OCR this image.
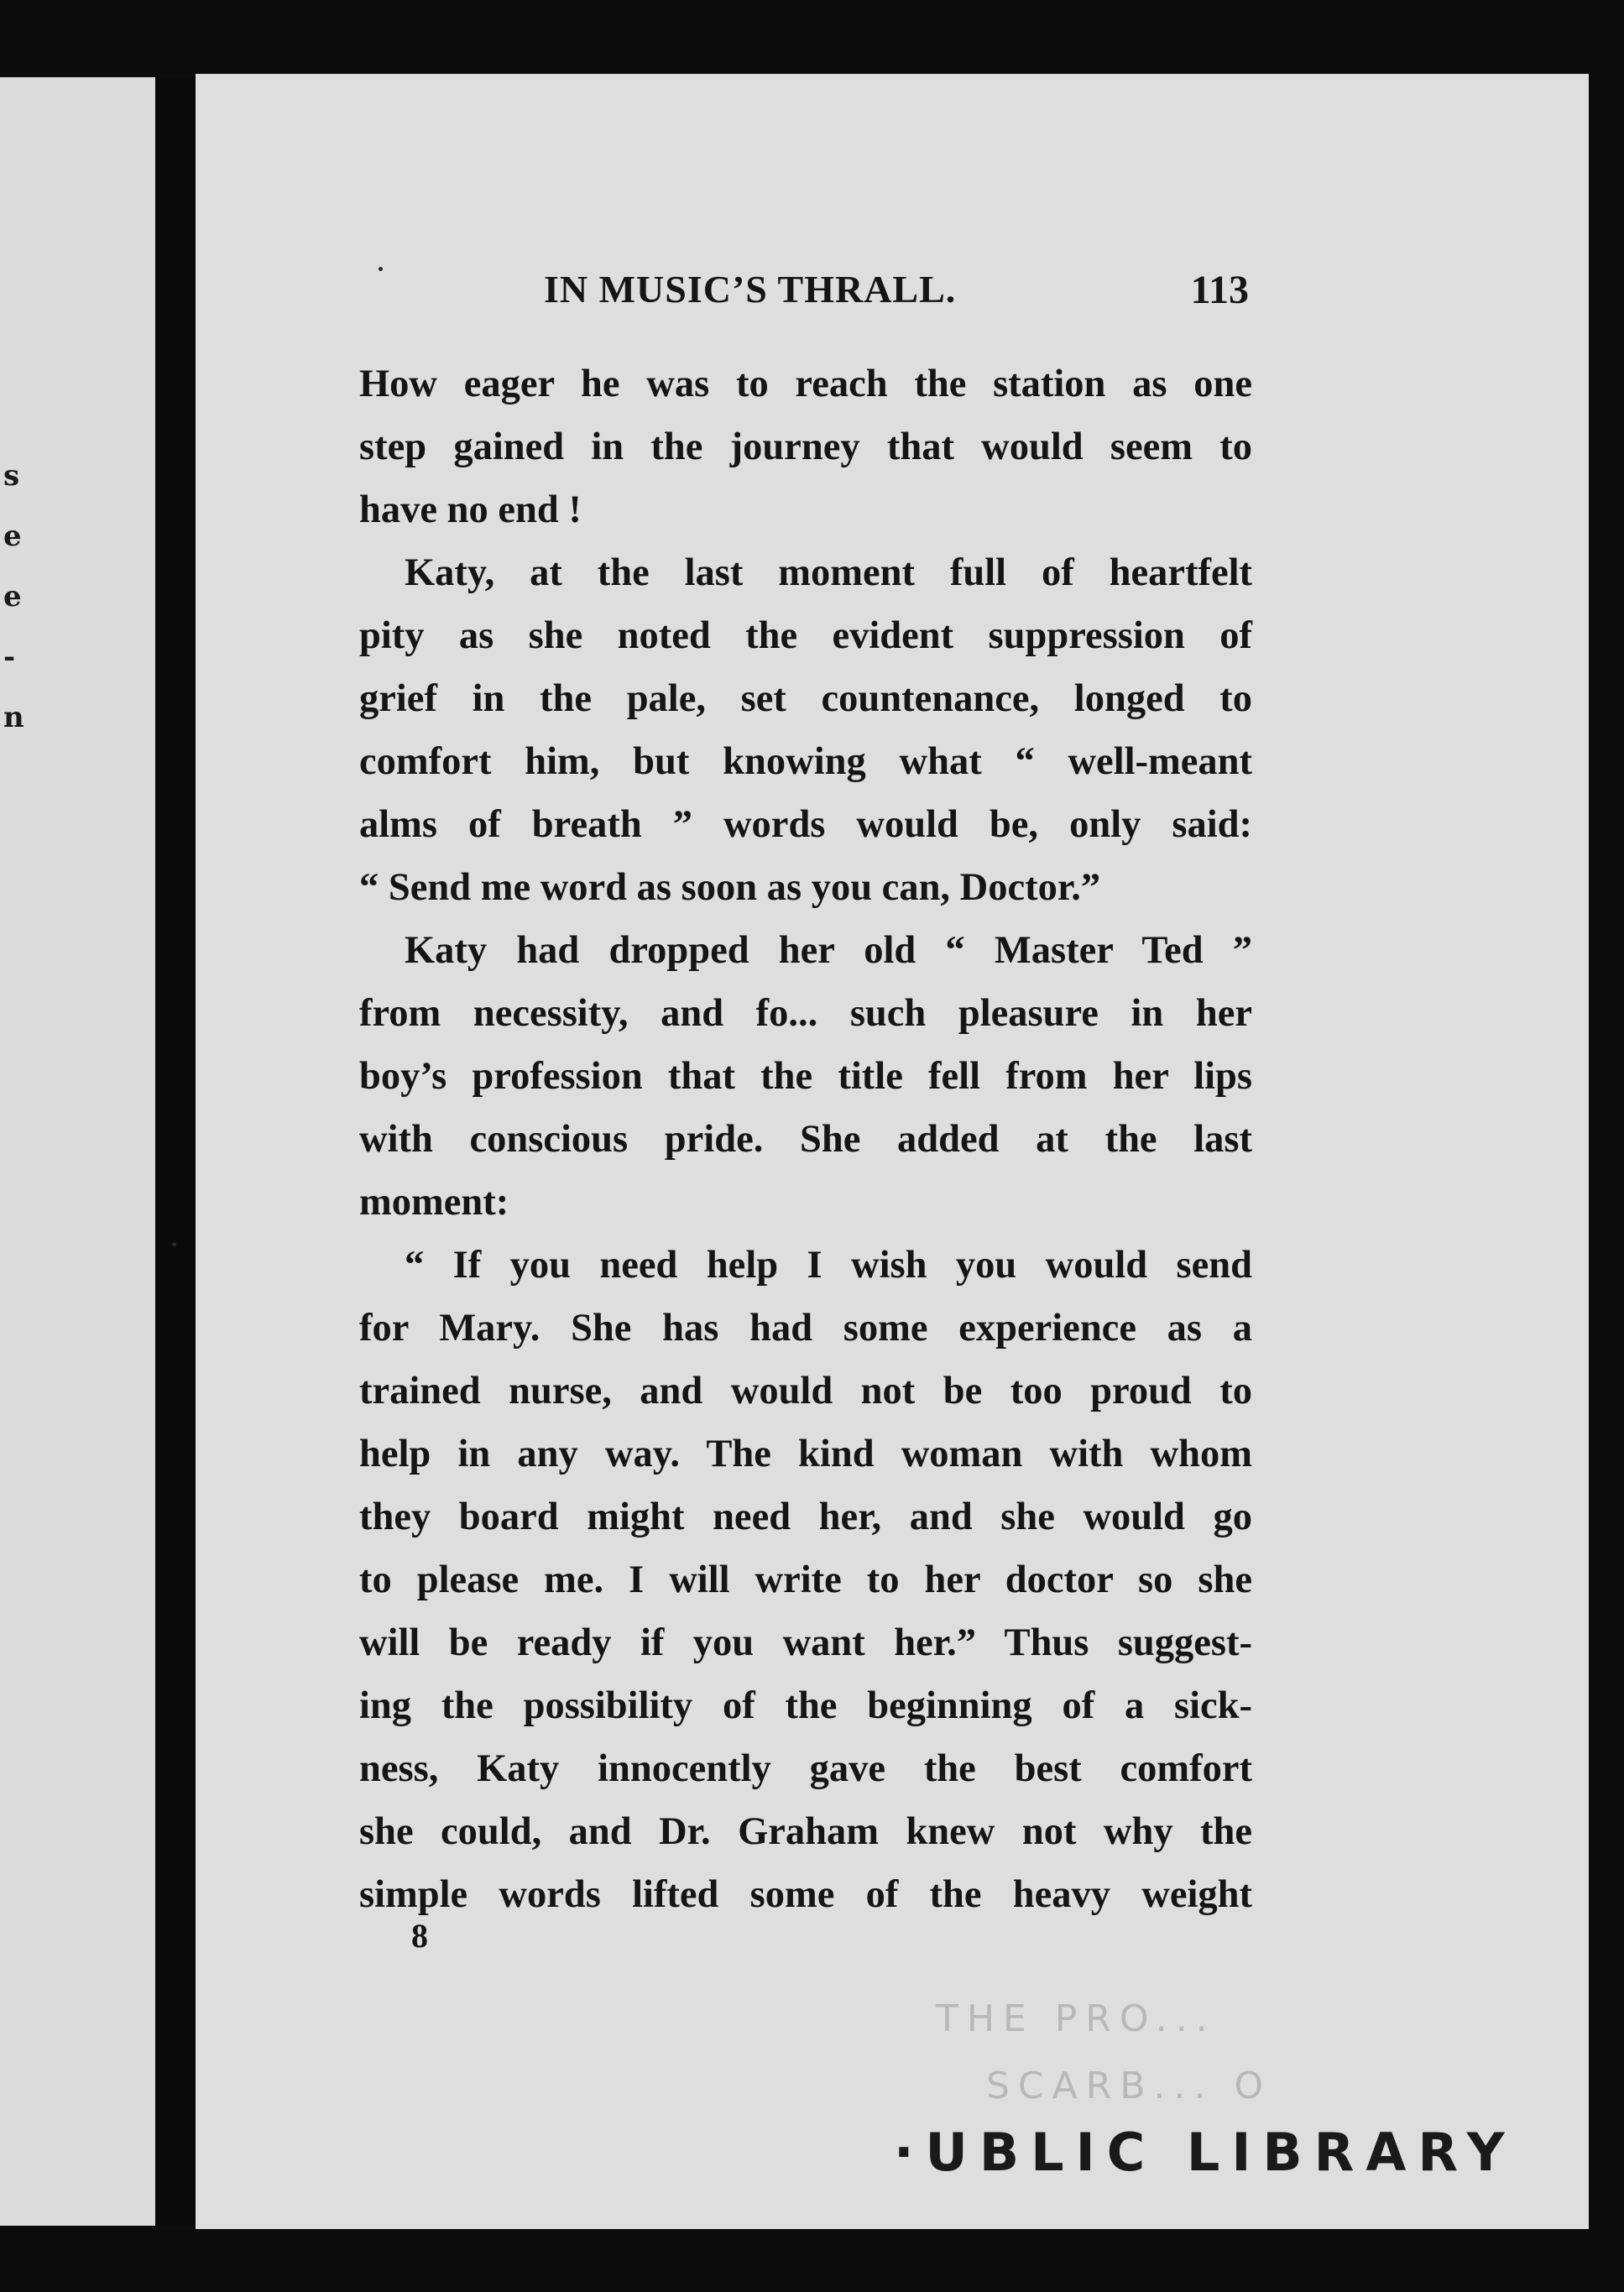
s
e
e
-
n
IN MUSIC’S THRALL.	113
How eager he was to reach the station as one
step gained in the journey that would seem to
have no end !
Katy, at the last moment full of heartfelt
pity as she noted the evident suppression of
grief in the pale, set countenance, longed to
comfort him, but knowing what “ well-meant
alms of breath ” words would be, only said:
“ Send me word as soon as you can, Doctor.”
Katy had dropped her old “ Master Ted ”
from necessity, and fo... such pleasure in her
boy’s profession that the title fell from her lips
with conscious pride. She added at the last
moment:
“ If you need help I wish you would send
for Mary. She has had some experience as a
trained nurse, and would not be too proud to
help in any way. The kind woman with whom
they board might need her, and she would go
to please me. I will write to her doctor so she
will be ready if you want her.” Thus suggest-
ing the possibility of the beginning of a sick-
ness, Katy innocently gave the best comfort
she could, and Dr. Graham knew not why the
simple words lifted some of the heavy weight
8
THE PRO...
SCARB... O
·UBLIC LIBRARY
